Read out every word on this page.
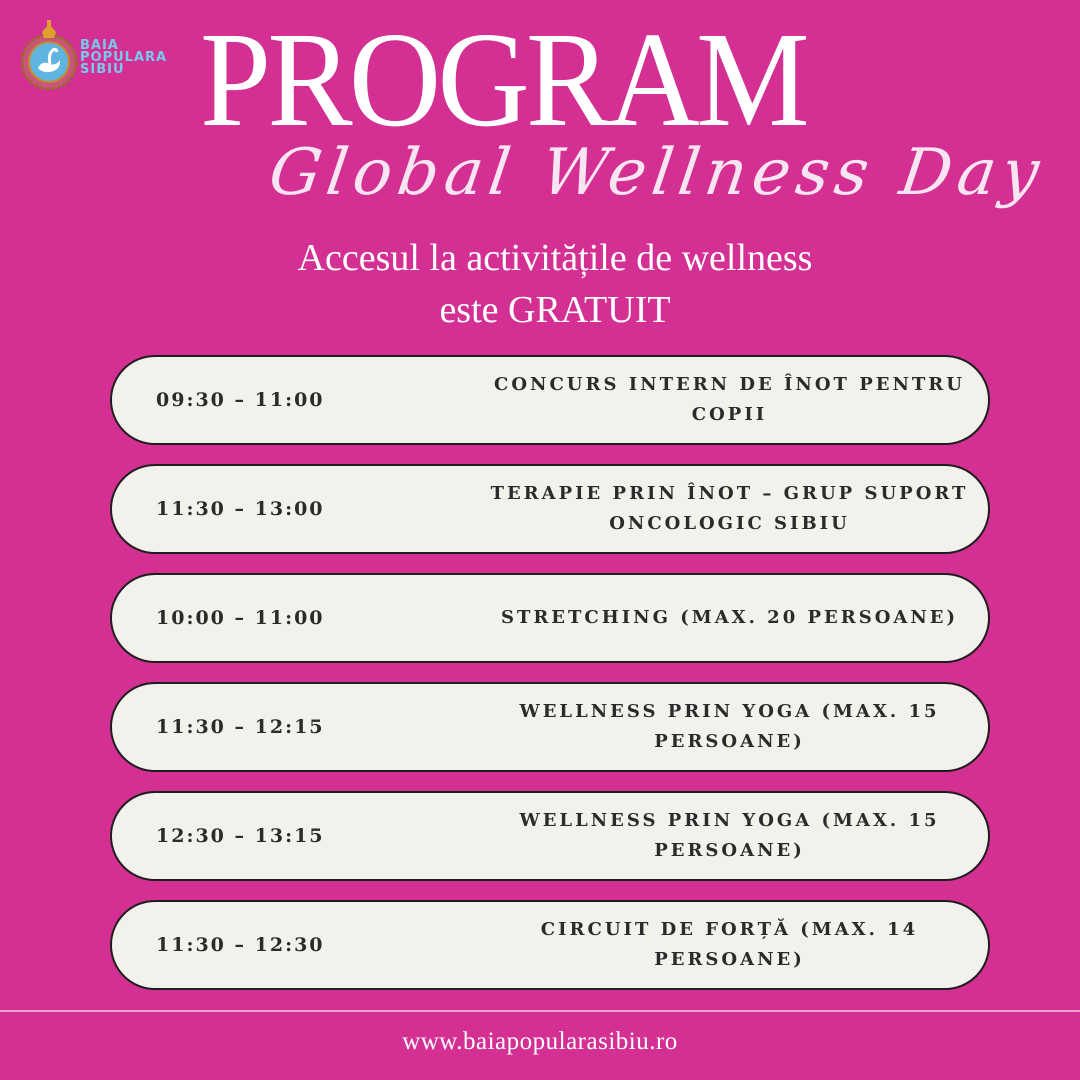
BAIA
POPULARA
SIBIU PROGRAM
Global Wellness Day
Accesul la activitățile de wellness
este GRATUIT
09:30 – 11:00
CONCURS INTERN DE ÎNOT PENTRU COPII
11:30 – 13:00
TERAPIE PRIN ÎNOT – GRUP SUPORT ONCOLOGIC SIBIU
10:00 – 11:00	STRETCHING (MAX. 20 PERSOANE)
11:30 – 12:15
WELLNESS PRIN YOGA (MAX. 15 PERSOANE)
12:30 – 13:15
WELLNESS PRIN YOGA (MAX. 15 PERSOANE)
11:30 – 12:30
CIRCUIT DE FORȚĂ (MAX. 14 PERSOANE)
www.baiapopularasibiu.ro
